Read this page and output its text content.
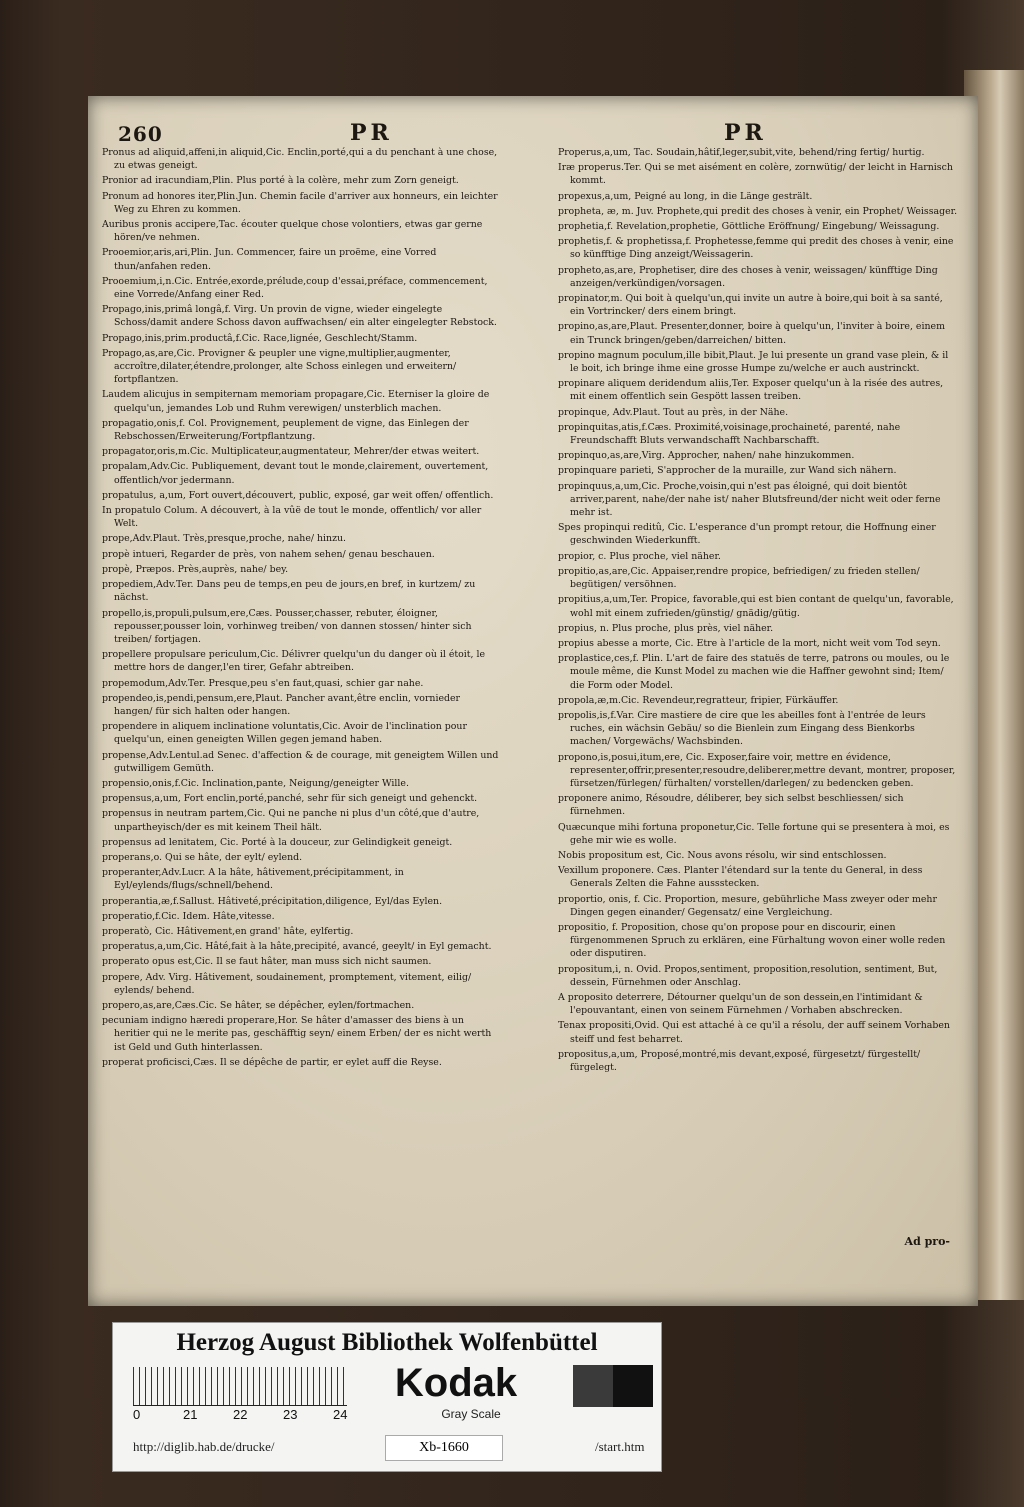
260	PR	PR
Pronus ad aliquid,affeni,in aliquid,Cic. Enclin,porté,qui a du penchant à une chose, zu etwas geneigt.
Pronior ad iracundiam,Plin. Plus porté à la colère, mehr zum Zorn geneigt.
Pronum ad honores iter,Plin.Jun. Chemin facile d'arriver aux honneurs, ein leichter Weg zu Ehren zu kommen.
Auribus pronis accipere,Tac. écouter quelque chose volontiers, etwas gar gerne hören/ve nehmen.
Prooemior,aris,ari,Plin. Jun. Commencer, faire un proëme, eine Vorred thun/anfahen reden.
Prooemium,i,n.Cic. Entrée,exorde,prélude,coup d'essai,préface, commencement, eine Vorrede/Anfang einer Red.
Propago,inis,primâ longâ,f. Virg. Un provin de vigne, wieder eingelegte Schoss/damit andere Schoss davon auffwachsen/ ein alter eingelegter Rebstock.
Propago,inis,prim.productâ,f.Cic. Race,lignée, Geschlecht/Stamm.
Propago,as,are,Cic. Provigner & peupler une vigne,multiplier,augmenter, accroître,dilater,étendre,prolonger, alte Schoss einlegen und erweitern/ fortpflantzen.
Laudem alicujus in sempiternam memoriam propagare,Cic. Eterniser la gloire de quelqu'un, jemandes Lob und Ruhm verewigen/ unsterblich machen.
propagatio,onis,f. Col. Provignement, peuplement de vigne, das Einlegen der Rebschossen/Erweiterung/Fortpflantzung.
propagator,oris,m.Cic. Multiplicateur,augmentateur, Mehrer/der etwas weitert.
propalam,Adv.Cic. Publiquement, devant tout le monde,clairement, ouvertement, offentlich/vor jedermann.
propatulus, a,um, Fort ouvert,découvert, public, exposé, gar weit offen/ offentlich.
In propatulo Colum. A découvert, à la vûë de tout le monde, offentlich/ vor aller Welt.
prope,Adv.Plaut. Très,presque,proche, nahe/ hinzu.
propè intueri, Regarder de près, von nahem sehen/ genau beschauen.
propè, Præpos. Près,auprès, nahe/ bey.
propediem,Adv.Ter. Dans peu de temps,en peu de jours,en bref, in kurtzem/ zu nächst.
propello,is,propuli,pulsum,ere,Cæs. Pousser,chasser, rebuter, éloigner, repousser,pousser loin, vorhinweg treiben/ von dannen stossen/ hinter sich treiben/ fortjagen.
propellere propulsare periculum,Cic. Délivrer quelqu'un du danger où il étoit, le mettre hors de danger,l'en tirer, Gefahr abtreiben.
propemodum,Adv.Ter. Presque,peu s'en faut,quasi, schier gar nahe.
propendeo,is,pendi,pensum,ere,Plaut. Pancher avant,être enclin, vornieder hangen/ für sich halten oder hangen.
propendere in aliquem inclinatione voluntatis,Cic. Avoir de l'inclination pour quelqu'un, einen geneigten Willen gegen jemand haben.
propense,Adv.Lentul.ad Senec. d'affection & de courage, mit geneigtem Willen und gutwilligem Gemüth.
propensio,onis,f.Cic. Inclination,pante, Neigung/geneigter Wille.
propensus,a,um, Fort enclin,porté,panché, sehr für sich geneigt und gehenckt.
propensus in neutram partem,Cic. Qui ne panche ni plus d'un côté,que d'autre, unpartheyisch/der es mit keinem Theil hält.
propensus ad lenitatem, Cic. Porté à la douceur, zur Gelindigkeit geneigt.
properans,o. Qui se hâte, der eylt/ eylend.
properanter,Adv.Lucr. A la hâte, hâtivement,précipitamment, in Eyl/eylends/flugs/schnell/behend.
properantia,æ,f.Sallust. Hâtiveté,précipitation,diligence, Eyl/das Eylen.
properatio,f.Cic. Idem. Hâte,vitesse.
properatò, Cic. Hâtivement,en grand' hâte, eylfertig.
properatus,a,um,Cic. Hâté,fait à la hâte,precipité, avancé, geeylt/ in Eyl gemacht.
properato opus est,Cic. Il se faut hâter, man muss sich nicht saumen.
propere, Adv. Virg. Hâtivement, soudainement, promptement, vitement, eilig/ eylends/ behend.
propero,as,are,Cæs.Cic. Se hâter, se dépêcher, eylen/fortmachen.
pecuniam indigno hæredi properare,Hor. Se hâter d'amasser des biens à un heritier qui ne le merite pas, geschäfftig seyn/ einem Erben/ der es nicht werth ist Geld und Guth hinterlassen.
properat proficisci,Cæs. Il se dépêche de partir, er eylet auff die Reyse.
Properus,a,um, Tac. Soudain,hâtif,leger,subit,vite, behend/ring fertig/ hurtig.
Iræ properus.Ter. Qui se met aisément en colère, zornwütig/ der leicht in Harnisch kommt.
propexus,a,um, Peigné au long, in die Länge gestrält.
propheta, æ, m. Juv. Prophete,qui predit des choses à venir, ein Prophet/ Weissager.
prophetia,f. Revelation,prophetie, Göttliche Eröffnung/ Eingebung/ Weissagung.
prophetis,f. & prophetissa,f. Prophetesse,femme qui predit des choses à venir, eine so künfftige Ding anzeigt/Weissagerin.
propheto,as,are, Prophetiser, dire des choses à venir, weissagen/ künfftige Ding anzeigen/verkündigen/vorsagen.
propinator,m. Qui boit à quelqu'un,qui invite un autre à boire,qui boit à sa santé, ein Vortrincker/ ders einem bringt.
propino,as,are,Plaut. Presenter,donner, boire à quelqu'un, l'inviter à boire, einem ein Trunck bringen/geben/darreichen/ bitten.
propino magnum poculum,ille bibit,Plaut. Je lui presente un grand vase plein, & il le boit, ich bringe ihme eine grosse Humpe zu/welche er auch austrinckt.
propinare aliquem deridendum aliis,Ter. Exposer quelqu'un à la risée des autres, mit einem offentlich sein Gespött lassen treiben.
propinque, Adv.Plaut. Tout au près, in der Nähe.
propinquitas,atis,f.Cæs. Proximité,voisinage,prochaineté, parenté, nahe Freundschafft Bluts verwandschafft Nachbarschafft.
propinquo,as,are,Virg. Approcher, nahen/ nahe hinzukommen.
propinquare parieti, S'approcher de la muraille, zur Wand sich nähern.
propinquus,a,um,Cic. Proche,voisin,qui n'est pas éloigné, qui doit bientôt arriver,parent, nahe/der nahe ist/ naher Blutsfreund/der nicht weit oder ferne mehr ist.
Spes propinqui reditû, Cic. L'esperance d'un prompt retour, die Hoffnung einer geschwinden Wiederkunfft.
propior, c. Plus proche, viel näher.
propitio,as,are,Cic. Appaiser,rendre propice, befriedigen/ zu frieden stellen/ begütigen/ versöhnen.
propitius,a,um,Ter. Propice, favorable,qui est bien contant de quelqu'un, favorable, wohl mit einem zufrieden/günstig/ gnädig/gütig.
propius, n. Plus proche, plus près, viel näher.
propius abesse a morte, Cic. Etre à l'article de la mort, nicht weit vom Tod seyn.
proplastice,ces,f. Plin. L'art de faire des statuës de terre, patrons ou moules, ou le moule même, die Kunst Model zu machen wie die Haffner gewohnt sind; Item/ die Form oder Model.
propola,æ,m.Cic. Revendeur,regratteur, fripier, Fürkäuffer.
propolis,is,f.Var. Cire mastiere de cire que les abeilles font à l'entrée de leurs ruches, ein wächsin Gebäu/ so die Bienlein zum Eingang dess Bienkorbs machen/ Vorgewächs/ Wachsbinden.
propono,is,posui,itum,ere, Cic. Exposer,faire voir, mettre en évidence, representer,offrir,presenter,resoudre,deliberer,mettre devant, montrer, proposer, fürsetzen/fürlegen/ fürhalten/ vorstellen/darlegen/ zu bedencken geben.
proponere animo, Résoudre, déliberer, bey sich selbst beschliessen/ sich fürnehmen.
Quæcunque mihi fortuna proponetur,Cic. Telle fortune qui se presentera à moi, es gehe mir wie es wolle.
Nobis propositum est, Cic. Nous avons résolu, wir sind entschlossen.
Vexillum proponere. Cæs. Planter l'étendard sur la tente du General, in dess Generals Zelten die Fahne aussstecken.
proportio, onis, f. Cic. Proportion, mesure, gebührliche Mass zweyer oder mehr Dingen gegen einander/ Gegensatz/ eine Vergleichung.
propositio, f. Proposition, chose qu'on propose pour en discourir, einen fürgenommenen Spruch zu erklären, eine Fürhaltung wovon einer wolle reden oder disputiren.
propositum,i, n. Ovid. Propos,sentiment, proposition,resolution, sentiment, But, dessein, Fürnehmen oder Anschlag.
A proposito deterrere, Détourner quelqu'un de son dessein,en l'intimidant & l'epouvantant, einen von seinem Fürnehmen / Vorhaben abschrecken.
Tenax propositi,Ovid. Qui est attaché à ce qu'il a résolu, der auff seinem Vorhaben steiff und fest beharret.
propositus,a,um, Proposé,montré,mis devant,exposé, fürgesetzt/ fürgestellt/ fürgelegt.
Ad pro-
Herzog August Bibliothek Wolfenbüttel
0	21	22	23	24
Kodak
Gray Scale
http://diglib.hab.de/drucke/	Xb-1660	/start.htm
